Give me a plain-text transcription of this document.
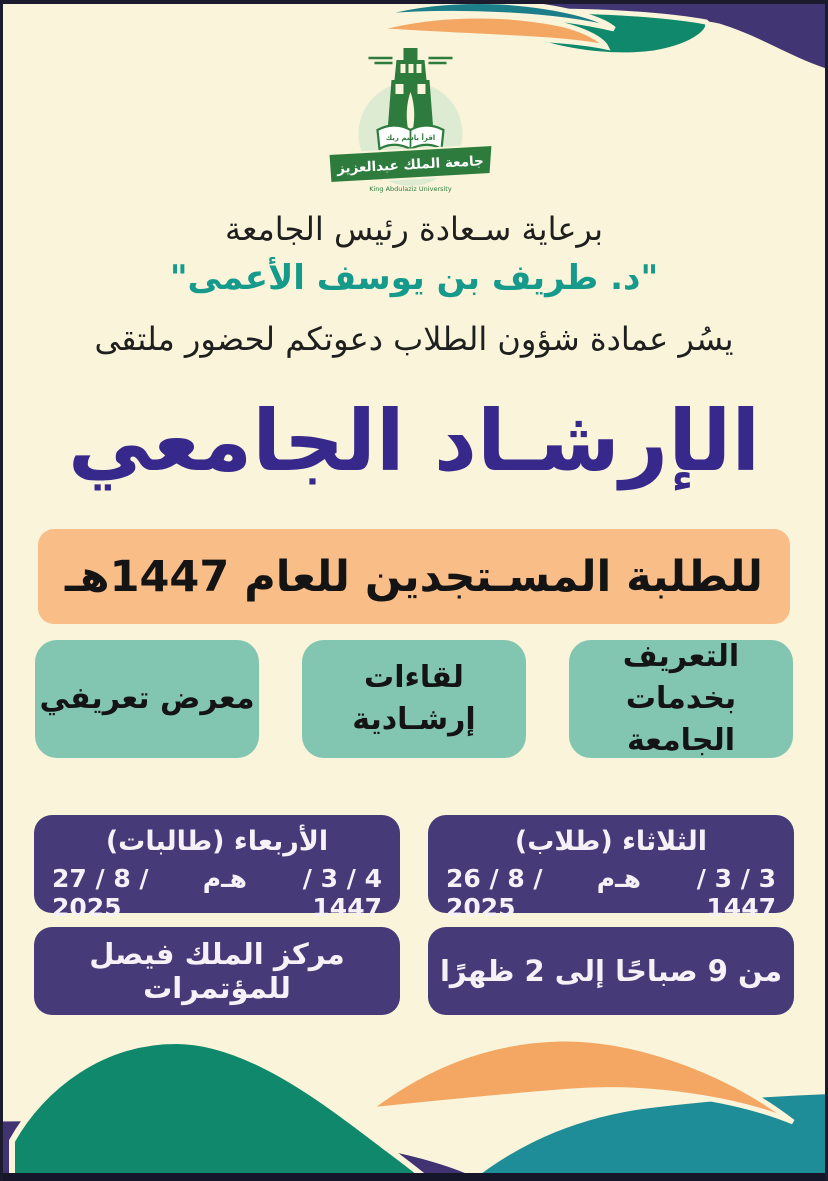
اقرأ باسم ربك
جامعة الملك عبدالعزيز
King Abdulaziz University
برعاية سـعادة رئيس الجامعة
"د. طريف بن يوسف الأعمى"
يسُر عمادة شؤون الطلاب دعوتكم لحضور ملتقى
الإرشـاد الجامعي
للطلبة المسـتجدين للعام 1447هـ
التعريف بخدمات
الجامعة
لقاءات إرشـادية
معرض تعريفي
الثلاثاء (طلاب)
26 / 8 / 2025
م هـ	3 / 3 / 1447
الأربعاء (طالبات)
27 / 8 / 2025
م هـ	4 / 3 / 1447
من 9 صباحًا إلى 2 ظهرًا
مركز الملك فيصل للمؤتمرات
